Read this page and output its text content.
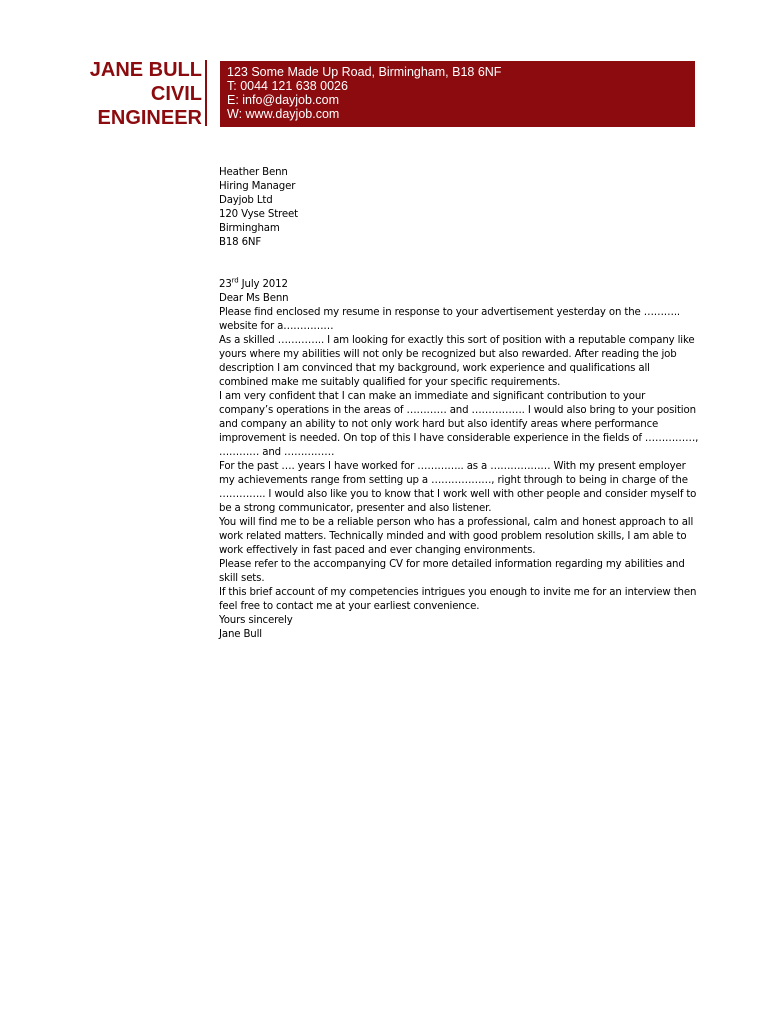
JANE BULL
CIVIL
ENGINEER
123 Some Made Up Road, Birmingham, B18 6NF
T: 0044 121 638 0026
E: info@dayjob.com
W: www.dayjob.com

Heather Benn

Hiring Manager

Dayjob Ltd

120 Vyse Street

Birmingham

B18 6NF

23rd July 2012

Dear Ms Benn

Please find enclosed my resume in response to your advertisement yesterday on the ……….. website for a……………

As a skilled ………….. I am looking for exactly this sort of position with a reputable company like yours where my abilities will not only be recognized but also rewarded. After reading the job description I am convinced that my background, work experience and qualifications all combined make me suitably qualified for your specific requirements.

I am very confident that I can make an immediate and significant contribution to your company’s operations in the areas of ………… and ……………. I would also bring to your position and company an ability to not only work hard but also identify areas where performance improvement is needed. On top of this I have considerable experience in the fields of ……………, ………… and ……………

For the past …. years I have worked for ………….. as a ……………… With my present employer my achievements range from setting up a ………………, right through to being in charge of the ………….. I would also like you to know that I work well with other people and consider myself to be a strong communicator, presenter and also listener.

You will find me to be a reliable person who has a professional, calm and honest approach to all work related matters. Technically minded and with good problem resolution skills, I am able to work effectively in fast paced and ever changing environments.

Please refer to the accompanying CV for more detailed information regarding my abilities and skill sets.

If this brief account of my competencies intrigues you enough to invite me for an interview then feel free to contact me at your earliest convenience.

Yours sincerely

Jane Bull
